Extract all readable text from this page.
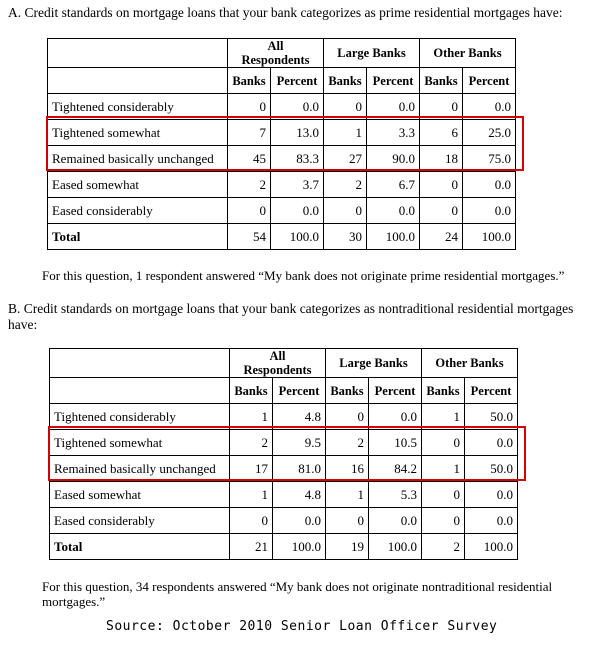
A. Credit standards on mortgage loans that your bank categorizes as prime residential mortgages have:
	All Respondents		Large Banks		Other Banks	
	Banks	Percent	Banks	Percent	Banks	Percent
Tightened considerably	0	0.0	0	0.0	0	0.0
Tightened somewhat	7	13.0	1	3.3	6	25.0
Remained basically unchanged	45	83.3	27	90.0	18	75.0
Eased somewhat	2	3.7	2	6.7	0	0.0
Eased considerably	0	0.0	0	0.0	0	0.0
Total	54	100.0	30	100.0	24	100.0
For this question, 1 respondent answered “My bank does not originate prime residential mortgages.”
B. Credit standards on mortgage loans that your bank categorizes as nontraditional residential mortgages have:
	All Respondents		Large Banks		Other Banks	
	Banks	Percent	Banks	Percent	Banks	Percent
Tightened considerably	1	4.8	0	0.0	1	50.0
Tightened somewhat	2	9.5	2	10.5	0	0.0
Remained basically unchanged	17	81.0	16	84.2	1	50.0
Eased somewhat	1	4.8	1	5.3	0	0.0
Eased considerably	0	0.0	0	0.0	0	0.0
Total	21	100.0	19	100.0	2	100.0
For this question, 34 respondents answered “My bank does not originate nontraditional residential mortgages.”
Source: October 2010 Senior Loan Officer Survey
